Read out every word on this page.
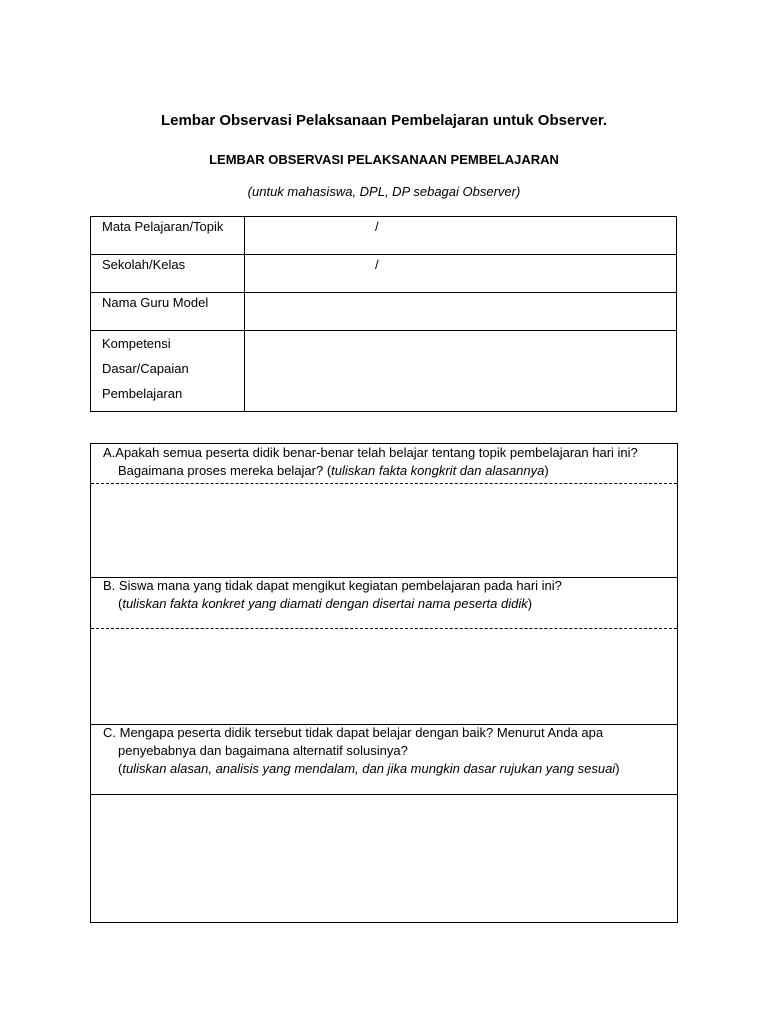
Lembar Observasi Pelaksanaan Pembelajaran untuk Observer.
LEMBAR OBSERVASI PELAKSANAAN PEMBELAJARAN
(untuk mahasiswa, DPL, DP sebagai Observer)
Mata Pelajaran/Topik	/

Sekolah/Kelas	/

Nama Guru Model	

Kompetensi
Dasar/Capaian
Pembelajaran	

A.Apakah semua peserta didik benar-benar telah belajar tentang topik pembelajaran hari ini?
Bagaimana proses mereka belajar? (tuliskan fakta kongkrit dan alasannya)
B. Siswa mana yang tidak dapat mengikut kegiatan pembelajaran pada hari ini?
(tuliskan fakta konkret yang diamati dengan disertai nama peserta didik)
C. Mengapa peserta didik tersebut tidak dapat belajar dengan baik? Menurut Anda apa
penyebabnya dan bagaimana alternatif solusinya?
(tuliskan alasan, analisis yang mendalam, dan jika mungkin dasar rujukan yang sesuai)
